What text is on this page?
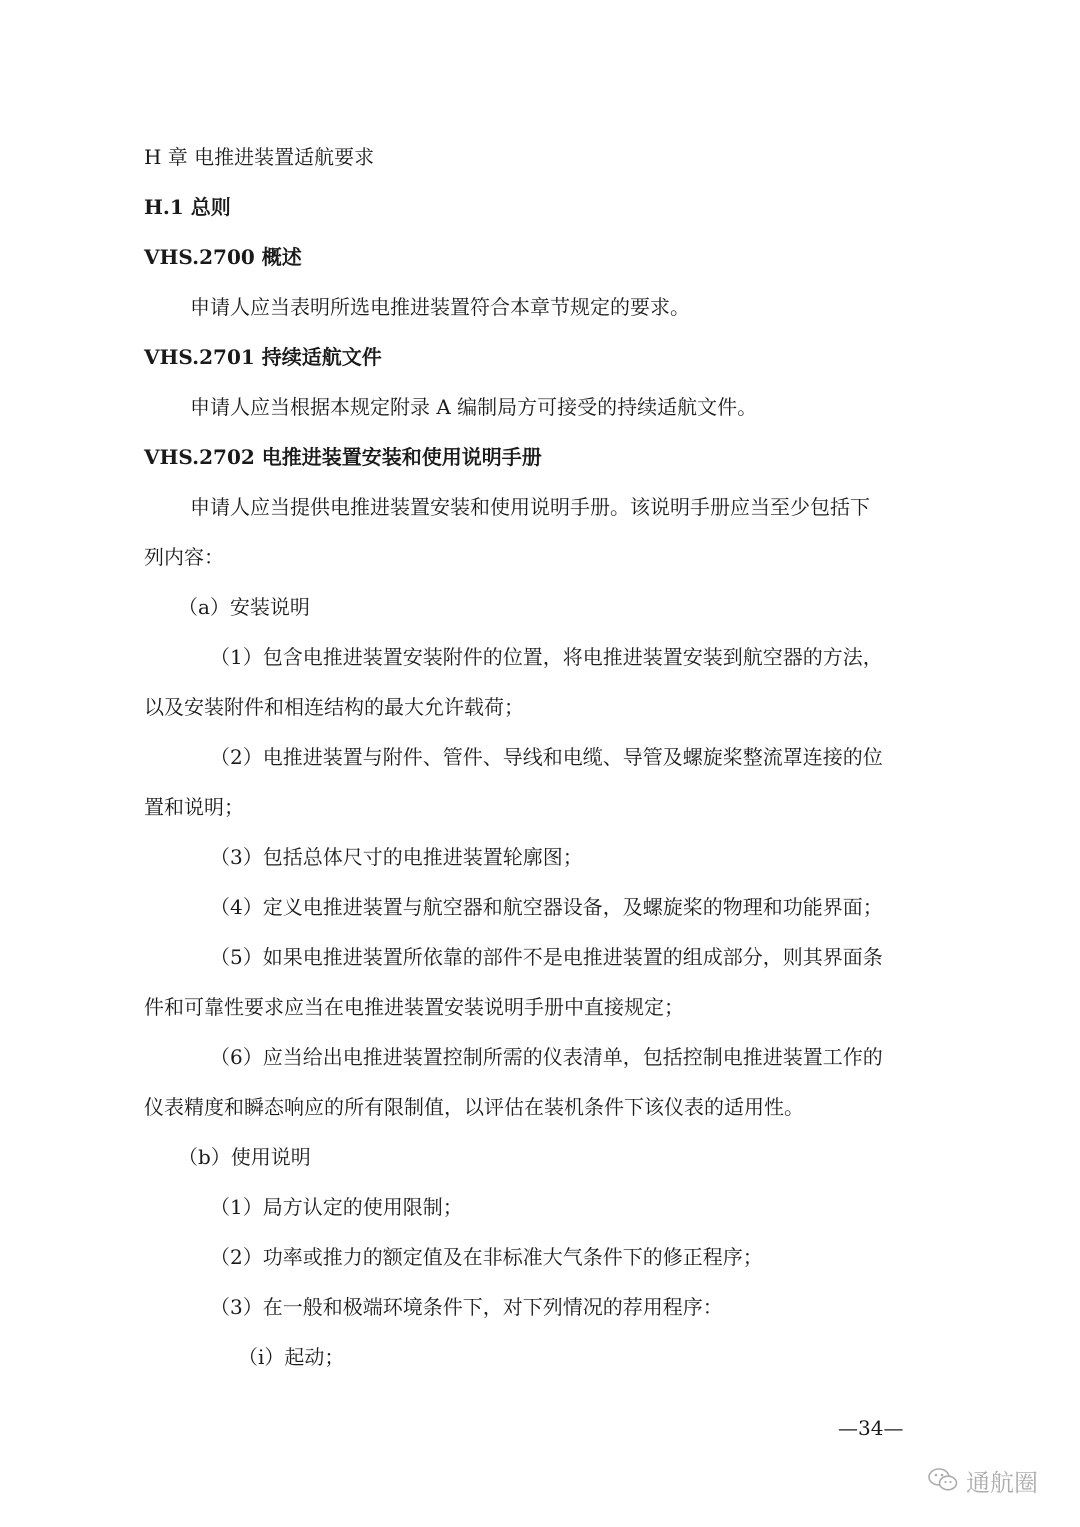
H 章 电推进装置适航要求
H.1 总则
VHS.2700 概述
申请人应当表明所选电推进装置符合本章节规定的要求。
VHS.2701 持续适航文件
申请人应当根据本规定附录 A 编制局方可接受的持续适航文件。
VHS.2702 电推进装置安装和使用说明手册
申请人应当提供电推进装置安装和使用说明手册。该说明手册应当至少包括下
列内容：
（a）安装说明
（1）包含电推进装置安装附件的位置，将电推进装置安装到航空器的方法，
以及安装附件和相连结构的最大允许载荷；
（2）电推进装置与附件、管件、导线和电缆、导管及螺旋桨整流罩连接的位
置和说明；
（3）包括总体尺寸的电推进装置轮廓图；
（4）定义电推进装置与航空器和航空器设备，及螺旋桨的物理和功能界面；
（5）如果电推进装置所依靠的部件不是电推进装置的组成部分，则其界面条
件和可靠性要求应当在电推进装置安装说明手册中直接规定；
（6）应当给出电推进装置控制所需的仪表清单，包括控制电推进装置工作的
仪表精度和瞬态响应的所有限制值，以评估在装机条件下该仪表的适用性。
（b）使用说明
（1）局方认定的使用限制；
（2）功率或推力的额定值及在非标准大气条件下的修正程序；
（3）在一般和极端环境条件下，对下列情况的荐用程序：
（i）起动；
—34—
通航圈
